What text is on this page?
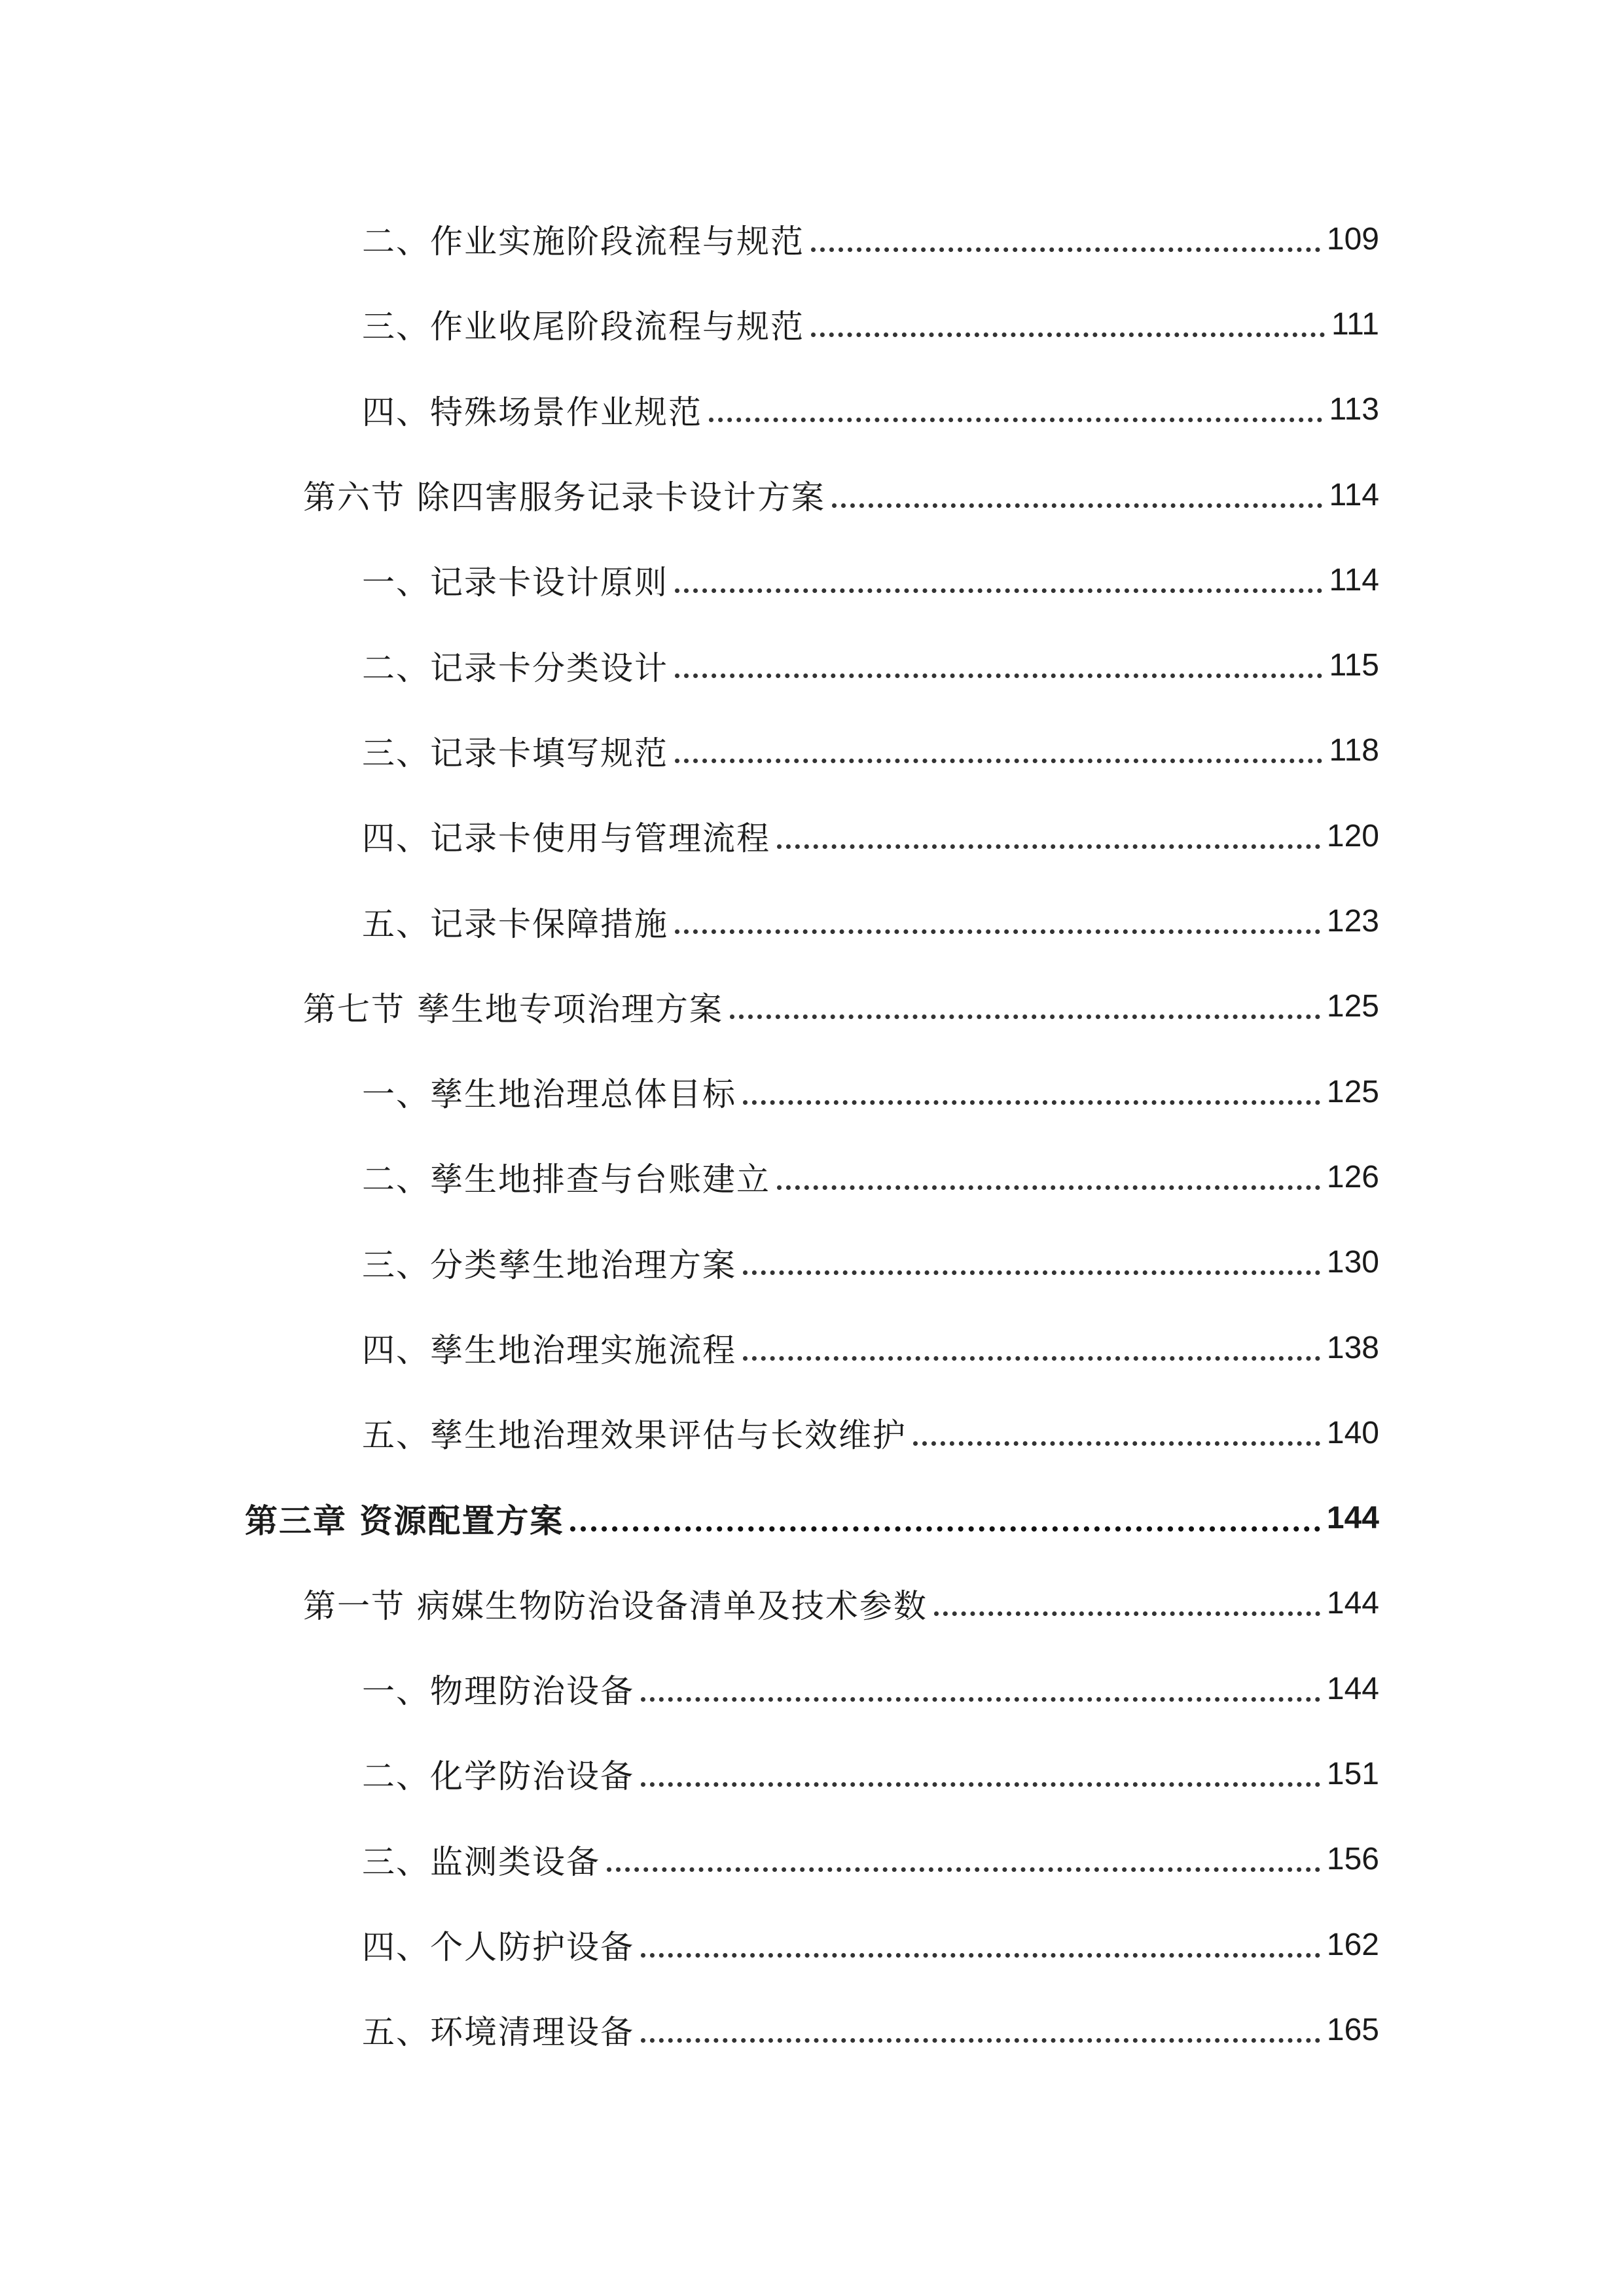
二、作业实施阶段流程与规范	109
三、作业收尾阶段流程与规范	111
四、特殊场景作业规范	113
第六节 除四害服务记录卡设计方案	114
一、记录卡设计原则	114
二、记录卡分类设计	115
三、记录卡填写规范	118
四、记录卡使用与管理流程	120
五、记录卡保障措施	123
第七节 孳生地专项治理方案	125
一、孳生地治理总体目标	125
二、孳生地排查与台账建立	126
三、分类孳生地治理方案	130
四、孳生地治理实施流程	138
五、孳生地治理效果评估与长效维护	140
第三章 资源配置方案	144
第一节 病媒生物防治设备清单及技术参数	144
一、物理防治设备	144
二、化学防治设备	151
三、监测类设备	156
四、个人防护设备	162
五、环境清理设备	165
